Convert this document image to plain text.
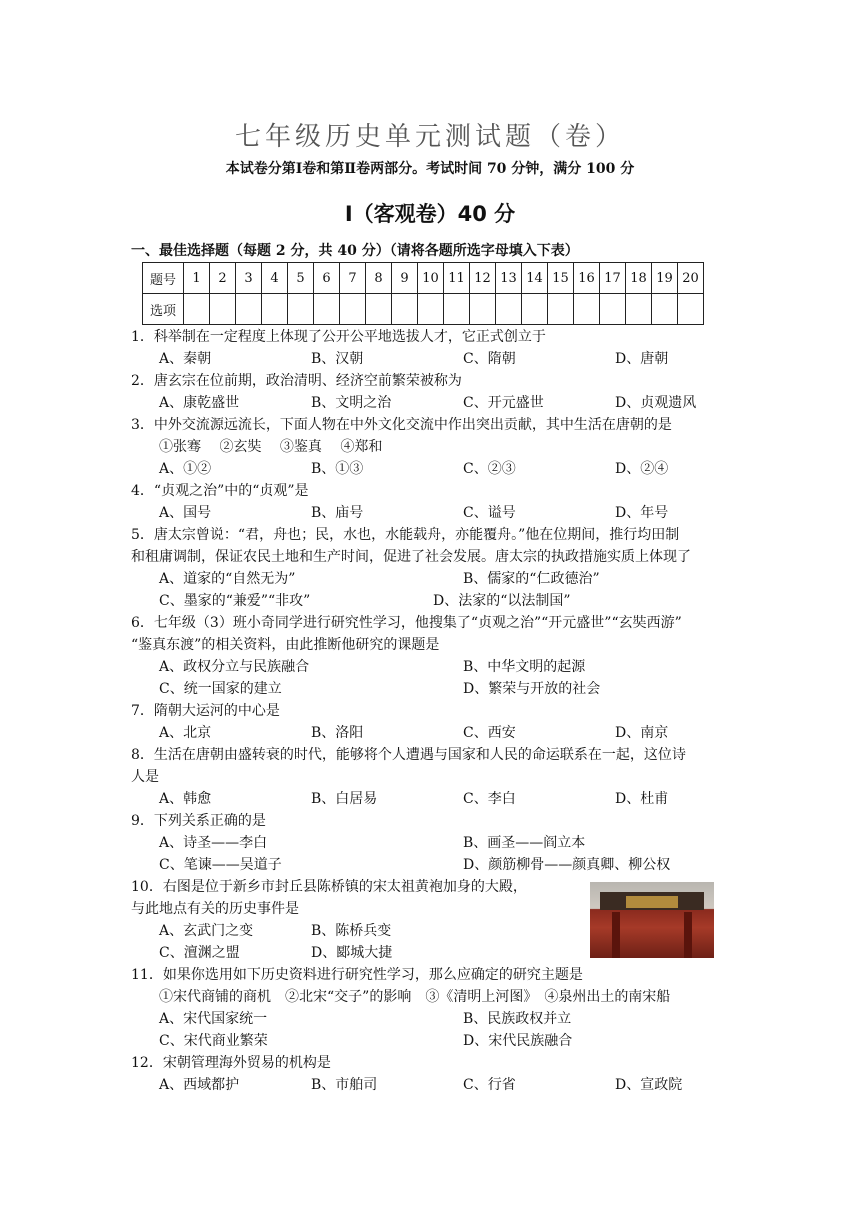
七年级历史单元测试题（卷）
本试卷分第Ⅰ卷和第Ⅱ卷两部分。考试时间 70 分钟，满分 100 分
Ⅰ（客观卷）40 分
一、最佳选择题（每题 2 分，共 40 分）（请将各题所选字母填入下表）
题号	1	2	3	4	5	6	7	8	9	10	11	12	13	14	15	16	17	18	19	20
选项																				
1．科举制在一定程度上体现了公开公平地选拔人才，它正式创立于
A、秦朝	B、汉朝	C、隋朝	D、唐朝
2．唐玄宗在位前期，政治清明、经济空前繁荣被称为
A、康乾盛世	B、文明之治	C、开元盛世	D、贞观遗风
3．中外交流源远流长，下面人物在中外文化交流中作出突出贡献，其中生活在唐朝的是
①张骞　 ②玄奘　 ③鉴真　 ④郑和
A、①②	B、①③	C、②③	D、②④
4．“贞观之治”中的“贞观”是
A、国号	B、庙号	C、谥号	D、年号
5．唐太宗曾说：“君，舟也；民，水也，水能载舟，亦能覆舟。”他在位期间，推行均田制
和租庸调制，保证农民土地和生产时间，促进了社会发展。唐太宗的执政措施实质上体现了
A、道家的“自然无为”	B、儒家的“仁政德治”
C、墨家的“兼爱”“非攻”	D、法家的“以法制国”
6．七年级（3）班小奇同学进行研究性学习，他搜集了“贞观之治”“开元盛世”“玄奘西游”
“鉴真东渡”的相关资料，由此推断他研究的课题是
A、政权分立与民族融合	B、中华文明的起源
C、统一国家的建立	D、繁荣与开放的社会
7．隋朝大运河的中心是
A、北京	B、洛阳	C、西安	D、南京
8．生活在唐朝由盛转衰的时代，能够将个人遭遇与国家和人民的命运联系在一起，这位诗
人是
A、韩愈	B、白居易	C、李白	D、杜甫
9．下列关系正确的是
A、诗圣——李白	B、画圣——阎立本
C、笔谏——吴道子	D、颜筋柳骨——颜真卿、柳公权
10．右图是位于新乡市封丘县陈桥镇的宋太祖黄袍加身的大殿，
与此地点有关的历史事件是
A、玄武门之变	B、陈桥兵变
C、澶渊之盟	D、郾城大捷
11．如果你选用如下历史资料进行研究性学习，那么应确定的研究主题是
①宋代商铺的商机　②北宋“交子”的影响　③《清明上河图》　④泉州出土的南宋船
A、宋代国家统一	B、民族政权并立
C、宋代商业繁荣	D、宋代民族融合
12．宋朝管理海外贸易的机构是
A、西域都护	B、市舶司	C、行省	D、宣政院
